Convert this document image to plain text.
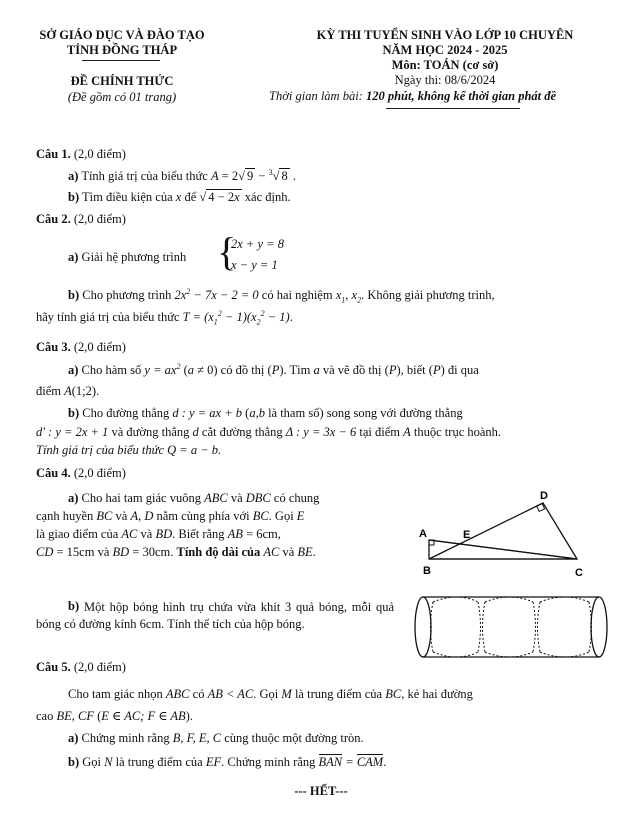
SỞ GIÁO DỤC VÀ ĐÀO TẠO
TỈNH ĐỒNG THÁP
ĐỀ CHÍNH THỨC
(Đề gồm có 01 trang)
KỲ THI TUYỂN SINH VÀO LỚP 10 CHUYÊN
NĂM HỌC 2024 - 2025
Môn: TOÁN (cơ sở)
Ngày thi: 08/6/2024
Thời gian làm bài: 120 phút, không kể thời gian phát đề
Câu 1. (2,0 điểm)
a) Tính giá trị của biểu thức A = 2√ 9 − $^3$√ 8 .
b) Tìm điều kiện của x để √ 4 − 2x xác định.
Câu 2. (2,0 điểm)
a) Giải hệ phương trình {
2x + y = 8
x − y = 1
b) Cho phương trình $2x^2 - 7x - 2 = 0$ có hai nghiệm $x_1$, $x_2$. Không giải phương trình,
hãy tính giá trị của biểu thức $T = (x_1^2 - 1)(x_2^2 - 1)$.
Câu 3. (2,0 điểm)
a) Cho hàm số $y = ax^2$ (a ≠ 0) có đồ thị (P). Tìm a và vẽ đồ thị (P), biết (P) đi qua
điểm A(1;2).
b) Cho đường thẳng d : y = ax + b (a,b là tham số) song song với đường thẳng
d' : y = 2x + 1 và đường thẳng d cắt đường thẳng Δ : y = 3x − 6 tại điểm A thuộc trục hoành.
Tính giá trị của biểu thức Q = a − b.
Câu 4. (2,0 điểm)
a) Cho hai tam giác vuông ABC và DBC có chung
cạnh huyền BC và A, D nằm cùng phía với BC. Gọi E
là giao điểm của AC và BD. Biết rằng AB = 6cm,
CD = 15cm và BD = 30cm. Tính độ dài của AC và BE.
D
A	E
B	C
b) Một hộp bóng hình trụ chứa vừa khít 3 quả bóng, mỗi quả bóng có đường kính 6cm. Tính thể tích của hộp bóng.

Câu 5. (2,0 điểm)
Cho tam giác nhọn ABC có AB < AC. Gọi M là trung điểm của BC, kẻ hai đường
cao BE, CF (E ∈ AC; F ∈ AB).
a) Chứng minh rằng B, F, E, C cùng thuộc một đường tròn.
b) Gọi N là trung điểm của EF. Chứng minh rằng BAN = CAM.
--- HẾT---
